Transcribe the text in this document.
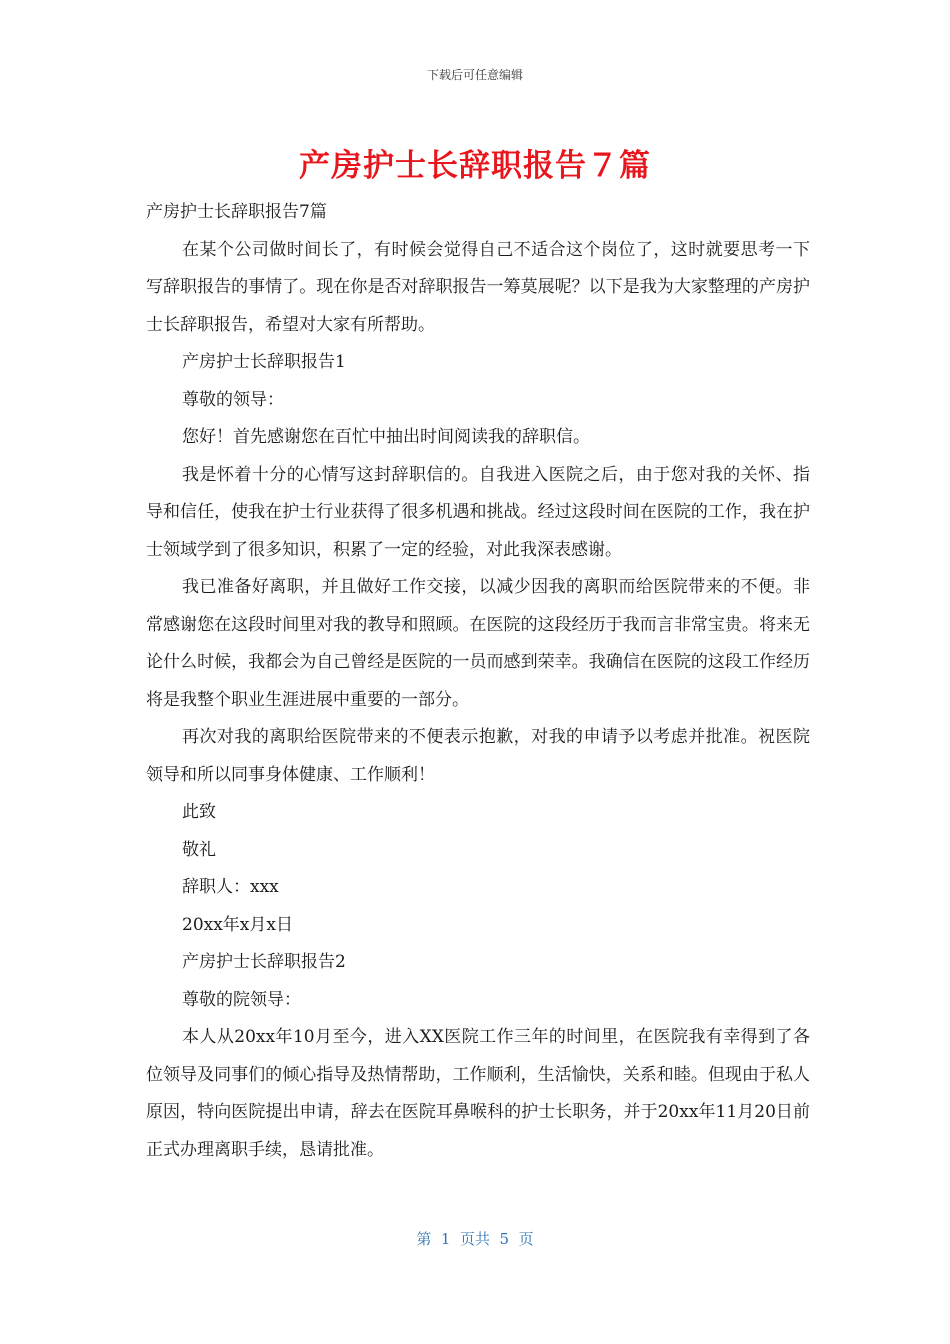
下载后可任意编辑
产房护士长辞职报告７篇

产房护士长辞职报告7篇

在某个公司做时间长了，有时候会觉得自己不适合这个岗位了，这时就要思考一下写辞职报告的事情了。现在你是否对辞职报告一筹莫展呢？以下是我为大家整理的产房护士长辞职报告，希望对大家有所帮助。

产房护士长辞职报告1

尊敬的领导：

您好！首先感谢您在百忙中抽出时间阅读我的辞职信。

我是怀着十分的心情写这封辞职信的。自我进入医院之后，由于您对我的关怀、指导和信任，使我在护士行业获得了很多机遇和挑战。经过这段时间在医院的工作，我在护士领域学到了很多知识，积累了一定的经验，对此我深表感谢。

我已准备好离职，并且做好工作交接，以减少因我的离职而给医院带来的不便。非常感谢您在这段时间里对我的教导和照顾。在医院的这段经历于我而言非常宝贵。将来无论什么时候，我都会为自己曾经是医院的一员而感到荣幸。我确信在医院的这段工作经历将是我整个职业生涯进展中重要的一部分。

再次对我的离职给医院带来的不便表示抱歉，对我的申请予以考虑并批准。祝医院领导和所以同事身体健康、工作顺利！

此致

敬礼

辞职人：xxx

20xx年x月x日

产房护士长辞职报告2

尊敬的院领导：

本人从20xx年10月至今，进入XX医院工作三年的时间里，在医院我有幸得到了各位领导及同事们的倾心指导及热情帮助，工作顺利，生活愉快，关系和睦。但现由于私人原因，特向医院提出申请，辞去在医院耳鼻喉科的护士长职务，并于20xx年11月20日前正式办理离职手续，恳请批准。

第  1  页共  5  页
